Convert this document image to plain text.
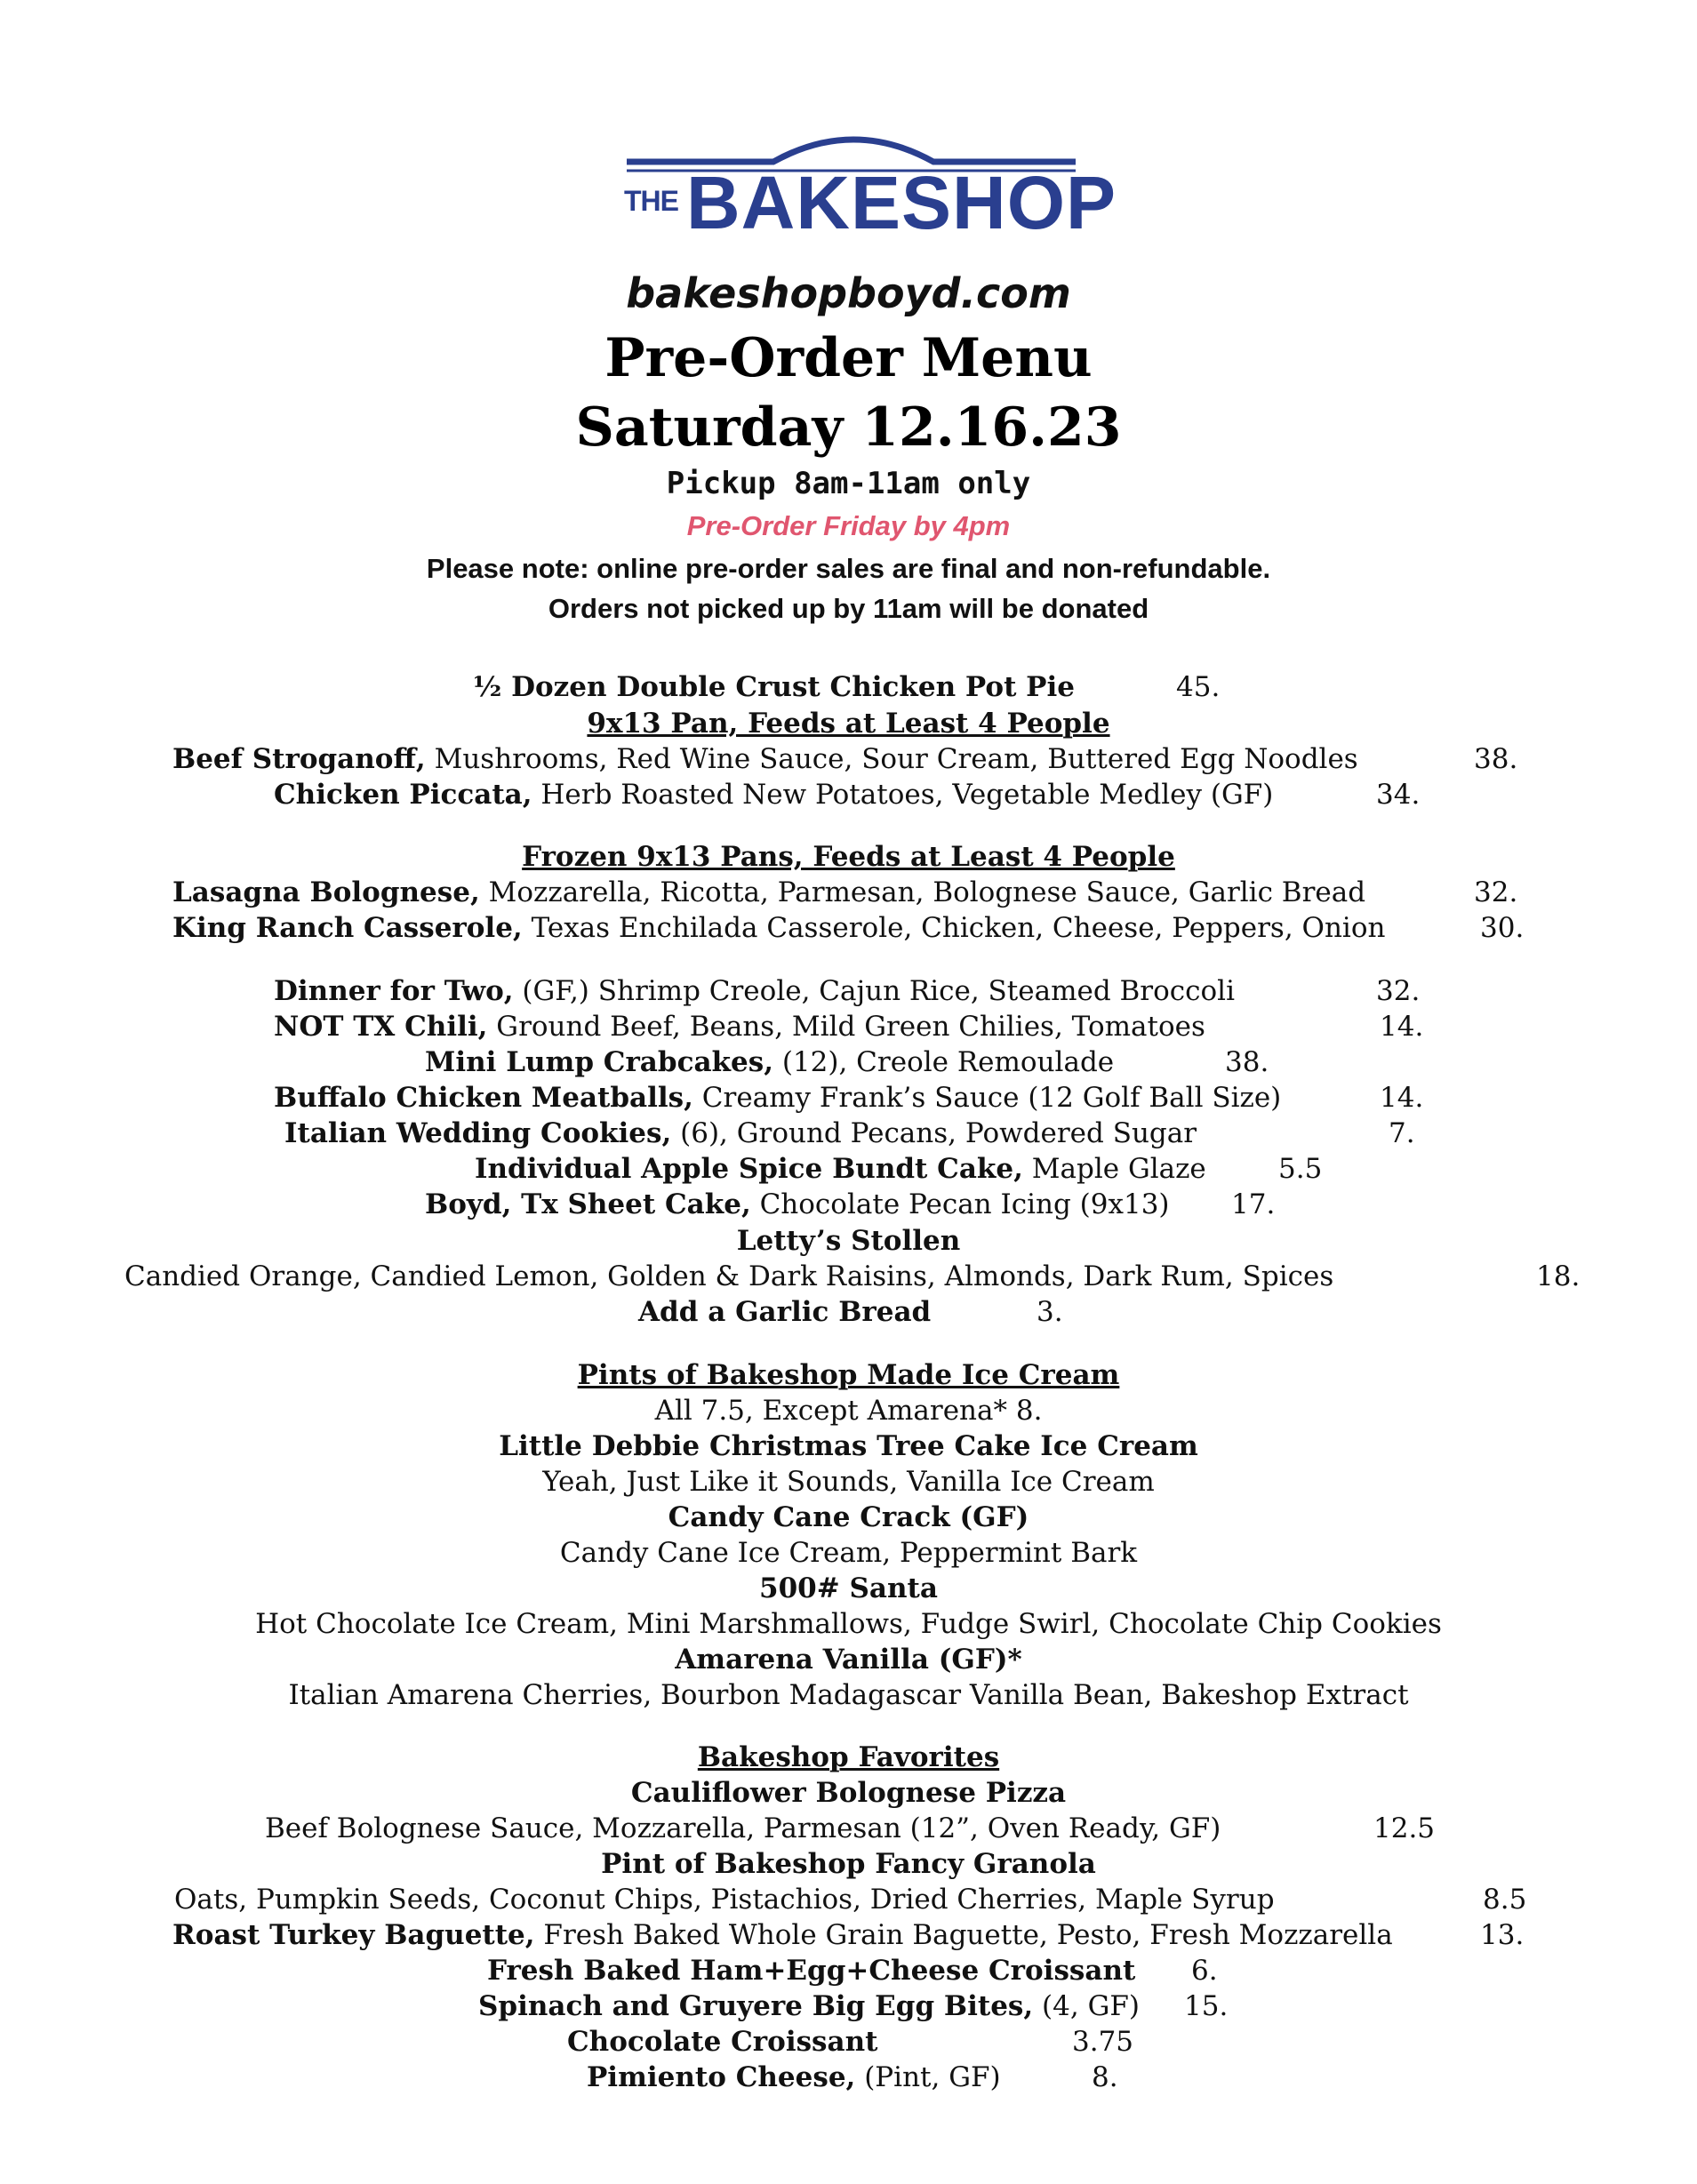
THE BAKESHOP
bakeshopboyd.com
Pre-Order Menu
Saturday 12.16.23
Pickup 8am-11am only
Pre-Order Friday by 4pm
Please note: online pre-order sales are final and non-refundable.
Orders not picked up by 11am will be donated
½ Dozen Double Crust Chicken Pot Pie	45.
9x13 Pan, Feeds at Least 4 People
Beef Stroganoff, Mushrooms, Red Wine Sauce, Sour Cream, Buttered Egg Noodles	38.
Chicken Piccata, Herb Roasted New Potatoes, Vegetable Medley (GF)	34.
Frozen 9x13 Pans, Feeds at Least 4 People
Lasagna Bolognese, Mozzarella, Ricotta, Parmesan, Bolognese Sauce, Garlic Bread	32.
King Ranch Casserole, Texas Enchilada Casserole, Chicken, Cheese, Peppers, Onion	30.
Dinner for Two, (GF,) Shrimp Creole, Cajun Rice, Steamed Broccoli	32.
NOT TX Chili, Ground Beef, Beans, Mild Green Chilies, Tomatoes	14.
Mini Lump Crabcakes, (12), Creole Remoulade	38.
Buffalo Chicken Meatballs, Creamy Frank’s Sauce (12 Golf Ball Size)	14.
Italian Wedding Cookies, (6), Ground Pecans, Powdered Sugar	7.
Individual Apple Spice Bundt Cake, Maple Glaze	5.5
Boyd, Tx Sheet Cake, Chocolate Pecan Icing (9x13) 17.
Letty’s Stollen
Candied Orange, Candied Lemon, Golden & Dark Raisins, Almonds, Dark Rum, Spices	18.
Add a Garlic Bread	3.
Pints of Bakeshop Made Ice Cream
All 7.5, Except Amarena* 8.
Little Debbie Christmas Tree Cake Ice Cream
Yeah, Just Like it Sounds, Vanilla Ice Cream
Candy Cane Crack (GF)
Candy Cane Ice Cream, Peppermint Bark
500# Santa
Hot Chocolate Ice Cream, Mini Marshmallows, Fudge Swirl, Chocolate Chip Cookies
Amarena Vanilla (GF)*
Italian Amarena Cherries, Bourbon Madagascar Vanilla Bean, Bakeshop Extract
Bakeshop Favorites
Cauliflower Bolognese Pizza
Beef Bolognese Sauce, Mozzarella, Parmesan (12”, Oven Ready, GF)	12.5
Pint of Bakeshop Fancy Granola
Oats, Pumpkin Seeds, Coconut Chips, Pistachios, Dried Cherries, Maple Syrup	8.5
Roast Turkey Baguette, Fresh Baked Whole Grain Baguette, Pesto, Fresh Mozzarella	13.
Fresh Baked Ham+Egg+Cheese Croissant 6.
Spinach and Gruyere Big Egg Bites, (4, GF) 15.
Chocolate Croissant	3.75
Pimiento Cheese, (Pint, GF)	8.
